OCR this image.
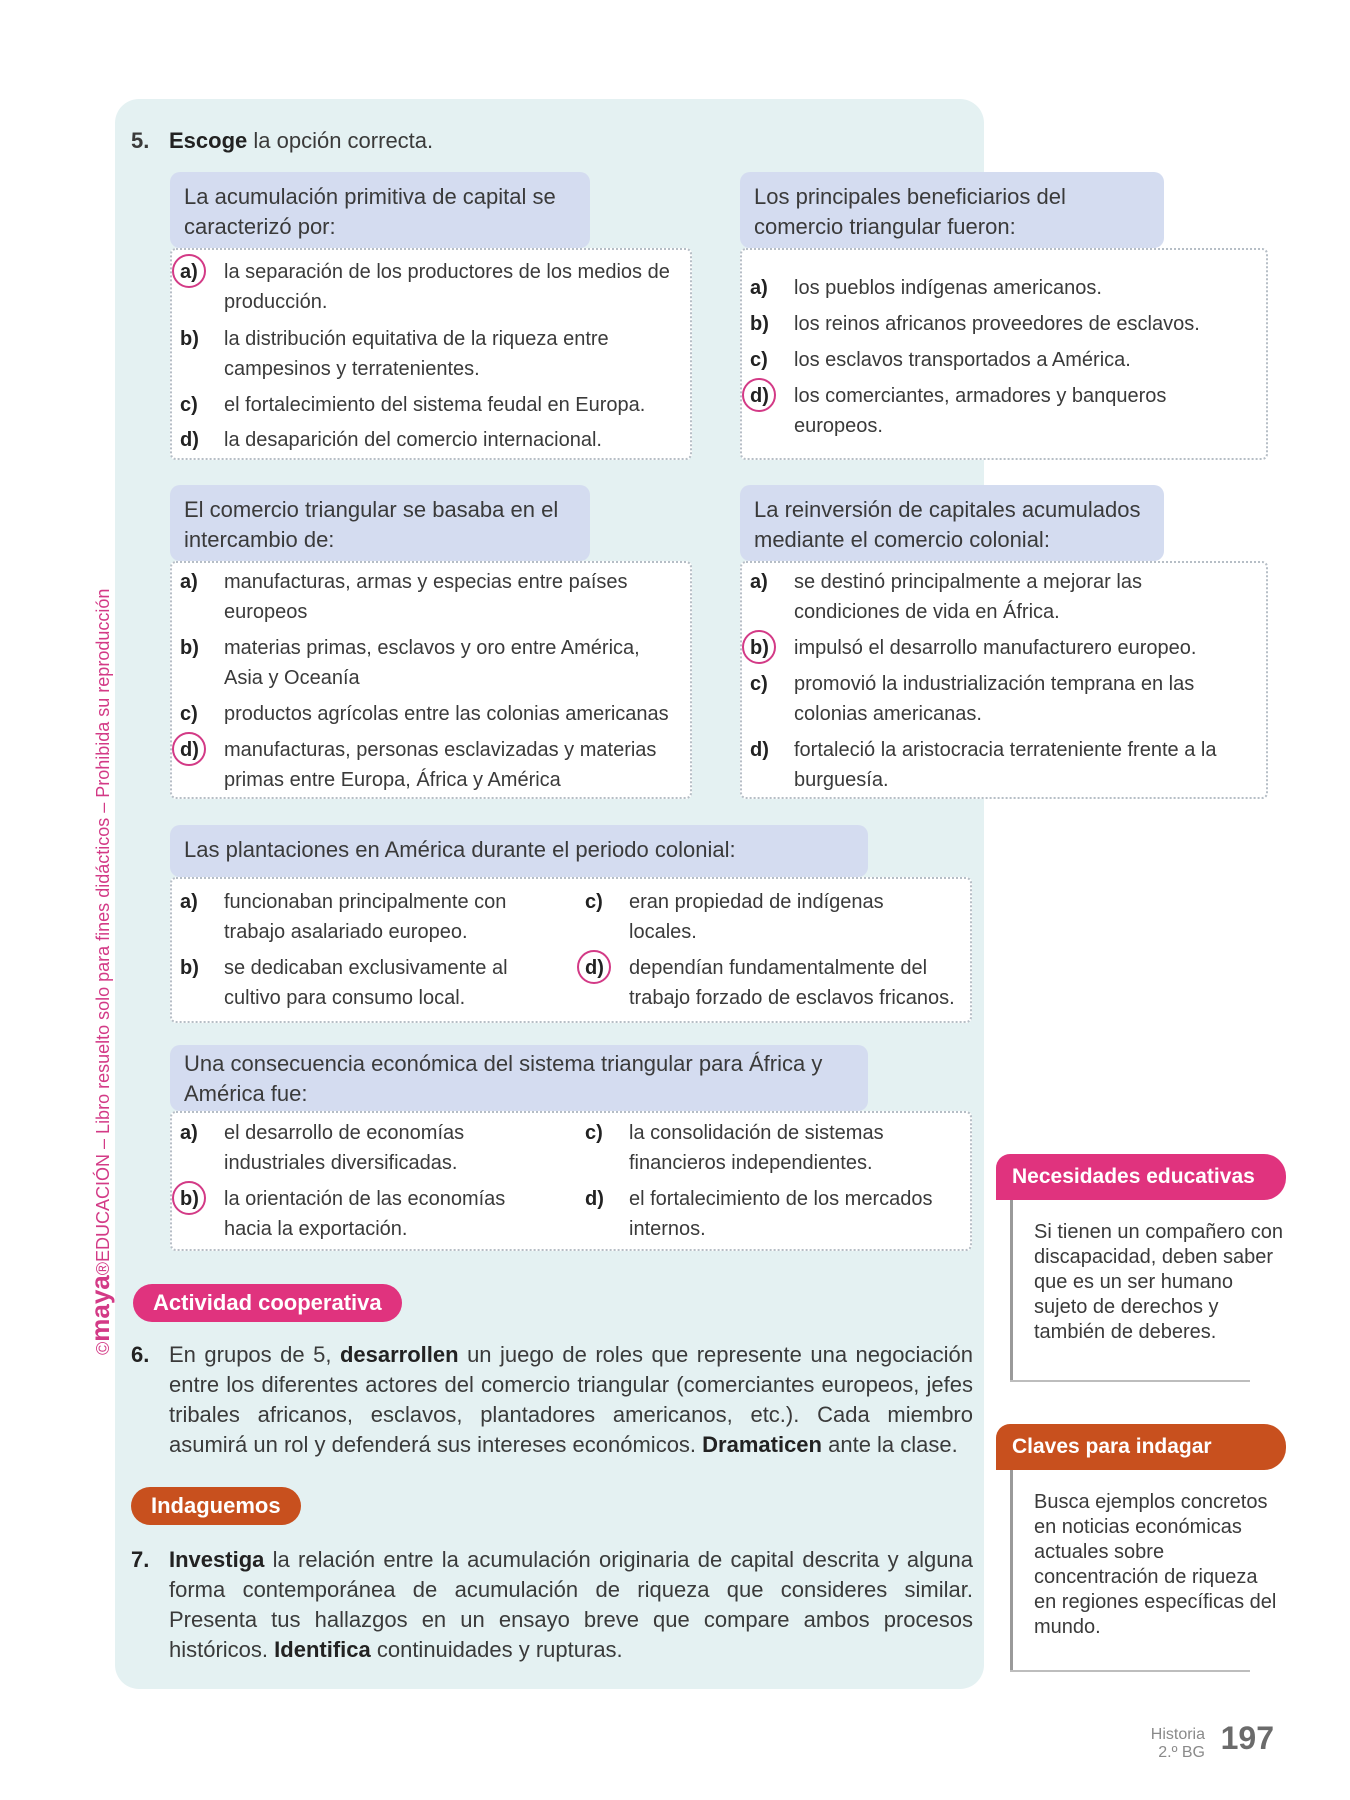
©maya®EDUCACIÓN – Libro resuelto solo para fines didácticos – Prohibida su reproducción
5. Escoge la opción correcta.
La acumulación primitiva de capital se caracterizó por:
a) la separación de los productores de los medios de producción.
b) la distribución equitativa de la riqueza entre campesinos y terratenientes.
c) el fortalecimiento del sistema feudal en Europa.
d) la desaparición del comercio internacional.
Los principales beneficiarios del comercio triangular fueron:
a) los pueblos indígenas americanos.
b) los reinos africanos proveedores de esclavos.
c) los esclavos transportados a América.
d) los comerciantes, armadores y banqueros europeos.
El comercio triangular se basaba en el intercambio de:
a) manufacturas, armas y especias entre países europeos
b) materias primas, esclavos y oro entre América, Asia y Oceanía
c) productos agrícolas entre las colonias americanas
d) manufacturas, personas esclavizadas y materias primas entre Europa, África y América
La reinversión de capitales acumulados mediante el comercio colonial:
a) se destinó principalmente a mejorar las condiciones de vida en África.
b) impulsó el desarrollo manufacturero europeo.
c) promovió la industrialización temprana en las colonias americanas.
d) fortaleció la aristocracia terrateniente frente a la burguesía.
Las plantaciones en América durante el periodo colonial:
a) funcionaban principalmente con trabajo asalariado europeo.
b) se dedicaban exclusivamente al cultivo para consumo local.
c) eran propiedad de indígenas locales.
d) dependían fundamentalmente del trabajo forzado de esclavos fricanos.
Una consecuencia económica del sistema triangular para África y América fue:
a) el desarrollo de economías industriales diversificadas.
b) la orientación de las economías hacia la exportación.
c) la consolidación de sistemas financieros independientes.
d) el fortalecimiento de los mercados internos.
Actividad cooperativa
6. En grupos de 5, desarrollen un juego de roles que represente una negociación entre los diferentes actores del comercio triangular (comerciantes europeos, jefes tribales africanos, esclavos, plantadores americanos, etc.). Cada miembro asumirá un rol y defenderá sus intereses económicos. Dramaticen ante la clase.
Indaguemos
7. Investiga la relación entre la acumulación originaria de capital descrita y alguna forma contemporánea de acumulación de riqueza que consideres similar. Presenta tus hallazgos en un ensayo breve que compare ambos procesos históricos. Identifica continuidades y rupturas.
Necesidades educativas
Si tienen un compañero con discapacidad, deben saber que es un ser humano sujeto de derechos y también de deberes.
Claves para indagar
Busca ejemplos concretos en noticias económicas actuales sobre concentración de riqueza en regiones específicas del mundo.
Historia
2.º BG 197
